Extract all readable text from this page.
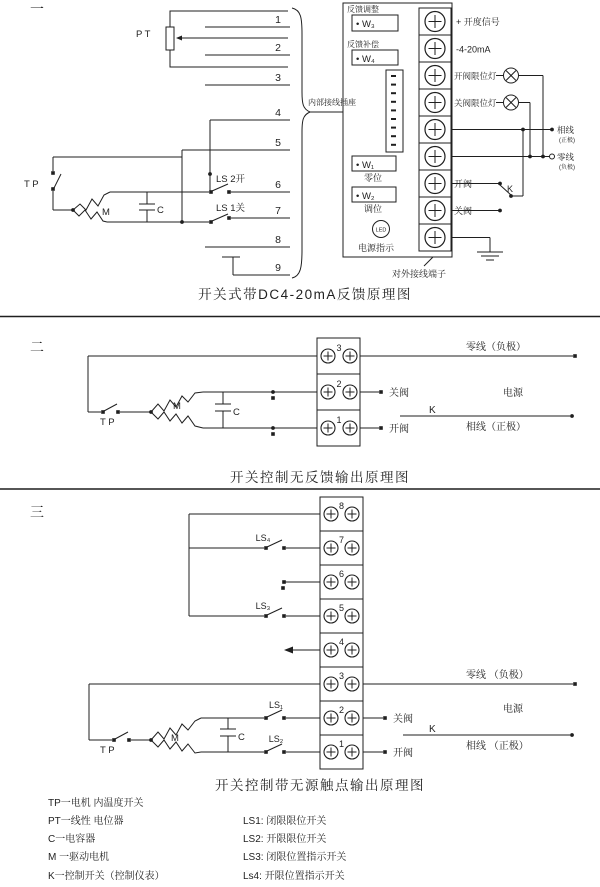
一
P T
1
2
3
4
5
6
7
8
9
T P
M	C
LS 2开
LS 1关
内部接线插座
反馈调整
• W₃
反馈补偿
• W₄
• W₁
零位
• W₂
调位
LED
电源指示
+ 开度信号
-4-20mA
开阀限位灯
关阀限位灯
相线
(正极)
零线
(负极)
开阀	K
关阀
对外接线端子
开关式带DC4-20mA反馈原理图
二
T P
M
C
3
2
1
零线（负极）
关阀
开阀
K
电源
相线（正极）
开关控制无反馈输出原理图
三
LS₄
LS₃
T P
M	C
LS₁
LS₂
8
7
6
5
4
3
2
1
零线 （负极）
关阀
开阀
K
电源
相线 （正极）
开关控制带无源触点输出原理图
TP一电机 内温度开关
PT一线性 电位器
C一电容器
M 一驱动电机
K一控制开关（控制仪表）
LS1: 闭限限位开关
LS2: 开限限位开关
LS3: 闭限位置指示开关
Ls4: 开限位置指示开关
